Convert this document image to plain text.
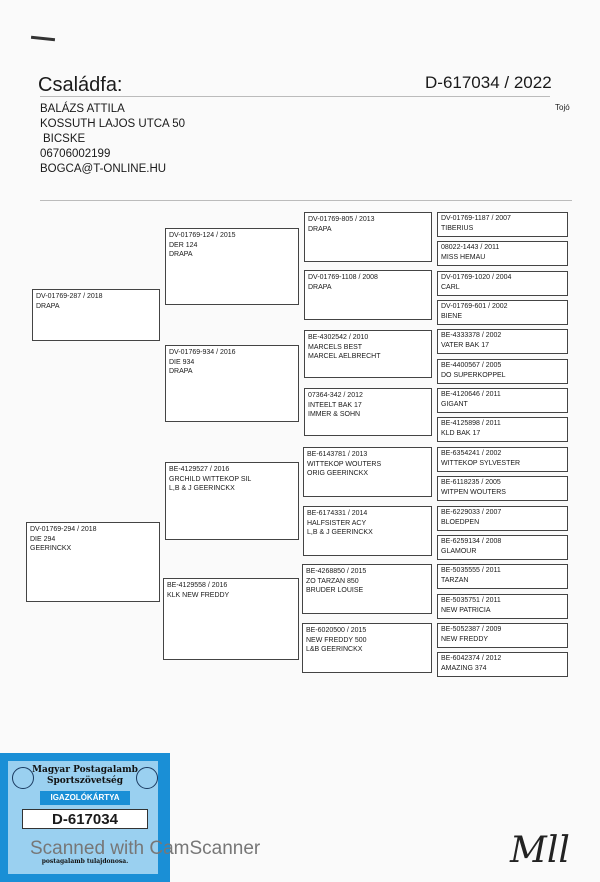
Családfa:	D-617034 / 2022
Tojó
BALÁZS ATTILA
KOSSUTH LAJOS UTCA 50
BICSKE
06706002199
BOGCA@T-ONLINE.HU
DV-01769-287 / 2018
DRAPA
DV-01769-294 / 2018
DIE 294
GEERINCKX
DV-01769-124 / 2015
DER 124
DRAPA
DV-01769-934 / 2016
DIE 934
DRAPA
BE-4129527 / 2016
GRCHILD WITTEKOP SIL
L,B & J GEERINCKX
BE-4129558 / 2016
KLK NEW FREDDY
DV-01769-805 / 2013
DRAPA
DV-01769-1108 / 2008
DRAPA
BE-4302542 / 2010
MARCELS BEST
MARCEL AELBRECHT
07364-342 / 2012
INTEELT BAK 17
IMMER & SOHN
BE-6143781 / 2013
WITTEKOP WOUTERS
ORIG GEERINCKX
BE-6174331 / 2014
HALFSISTER ACY
L,B & J GEERINCKX
BE-4268850 / 2015
ZO TARZAN 850
BRUDER LOUISE
BE-6020500 / 2015
NEW FREDDY 500
L&B GEERINCKX
DV-01769-1187 / 2007
TIBERIUS
08022-1443 / 2011
MISS HEMAU
DV-01769-1020 / 2004
CARL
DV-01769-601 / 2002
BIENE
BE-4333378 / 2002
VATER BAK 17
BE-4400567 / 2005
DO SUPERKOPPEL
BE-4120646 / 2011
GIGANT
BE-4125898 / 2011
KLD BAK 17
BE-6354241 / 2002
WITTEKOP SYLVESTER
BE-6118235 / 2005
WITPEN WOUTERS
BE-6229033 / 2007
BLOEDPEN
BE-6259134 / 2008
GLAMOUR
BE-5035555 / 2011
TARZAN
BE-5035751 / 2011
NEW PATRICIA
BE-5052387 / 2009
NEW FREDDY
BE-6042374 / 2012
AMAZING 374
Magyar Postagalamb
Sportszövetség
IGAZOLÓKÁRTYA
D-617034
postagalamb tulajdonosa.
Scanned with CamScanner	Mll
